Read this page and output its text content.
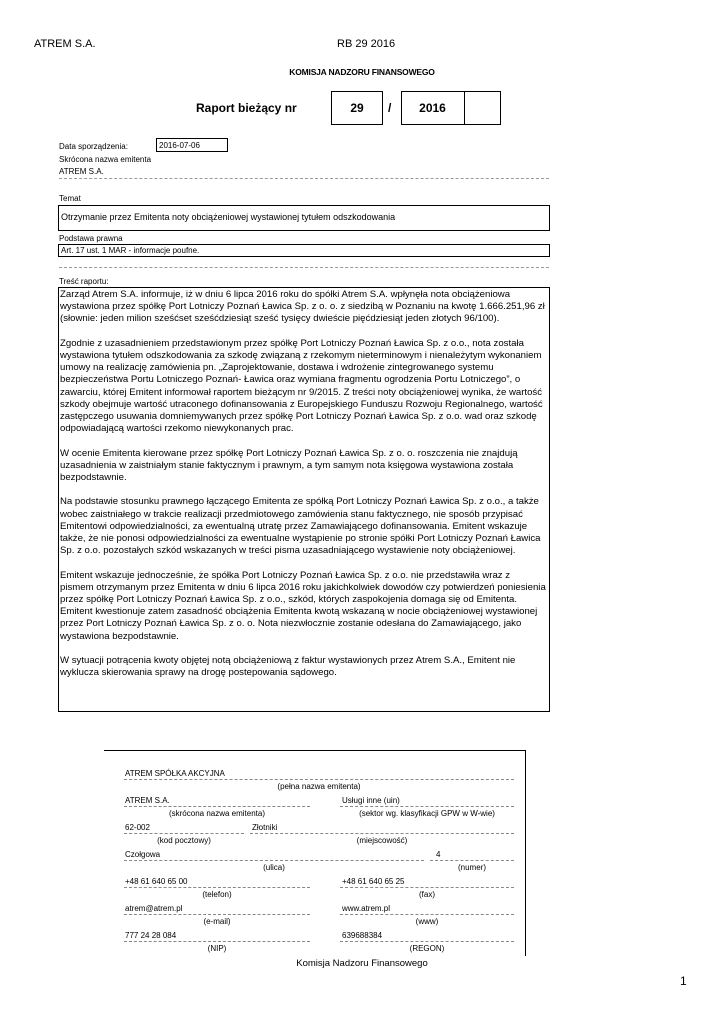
ATREM S.A.	RB 29 2016
KOMISJA NADZORU FINANSOWEGO
Raport bieżący nr	29	/	2016
Data sporządzenia:	2016-07-06
Skrócona nazwa emitenta
ATREM S.A.
Temat
Otrzymanie przez Emitenta noty obciążeniowej wystawionej tytułem odszkodowania
Podstawa prawna
Art. 17 ust. 1 MAR - informacje poufne.
Treść raportu:

Zarząd Atrem S.A. informuje, iż w dniu 6 lipca 2016 roku do spółki Atrem S.A. wpłynęła nota obciążeniowa wystawiona przez spółkę Port Lotniczy Poznań Ławica Sp. z o. o. z siedzibą w Poznaniu na kwotę 1.666.251,96 zł (słownie: jeden milion sześćset sześćdziesiąt sześć tysięcy dwieście pięćdziesiąt jeden złotych 96/100).

Zgodnie z uzasadnieniem przedstawionym przez spółkę Port Lotniczy Poznań Ławica Sp. z o.o., nota została wystawiona tytułem odszkodowania za szkodę związaną z rzekomym nieterminowym i nienależytym wykonaniem umowy na realizację zamówienia pn. „Zaprojektowanie, dostawa i wdrożenie zintegrowanego systemu bezpieczeństwa Portu Lotniczego Poznań- Ławica oraz wymiana fragmentu ogrodzenia Portu Lotniczego”, o zawarciu, której Emitent informował raportem bieżącym nr 9/2015. Z treści noty obciążeniowej wynika, że wartość szkody obejmuje wartość utraconego dofinansowania z Europejskiego Funduszu Rozwoju Regionalnego, wartość zastępczego usuwania domniemywanych przez spółkę Port Lotniczy Poznań Ławica Sp. z o.o. wad oraz szkodę odpowiadającą wartości rzekomo niewykonanych prac.

W ocenie Emitenta kierowane przez spółkę Port Lotniczy Poznań Ławica Sp. z o. o. roszczenia nie znajdują uzasadnienia w zaistniałym stanie faktycznym i prawnym, a tym samym nota księgowa wystawiona została bezpodstawnie.

Na podstawie stosunku prawnego łączącego Emitenta ze spółką Port Lotniczy Poznań Ławica Sp. z o.o., a także wobec zaistniałego w trakcie realizacji przedmiotowego zamówienia stanu faktycznego, nie sposób przypisać Emitentowi odpowiedzialności, za ewentualną utratę przez Zamawiającego dofinansowania. Emitent wskazuje także, że nie ponosi odpowiedzialności za ewentualne wystąpienie po stronie spółki Port Lotniczy Poznań Ławica Sp. z o.o. pozostałych szkód wskazanych w treści pisma uzasadniającego wystawienie noty obciążeniowej.

Emitent wskazuje jednocześnie, że spółka Port Lotniczy Poznań Ławica Sp. z o.o. nie przedstawiła wraz z pismem otrzymanym przez Emitenta w dniu 6 lipca 2016 roku jakichkolwiek dowodów czy potwierdzeń poniesienia przez spółkę Port Lotniczy Poznań Ławica Sp. z o.o., szkód, których zaspokojenia domaga się od Emitenta.
Emitent kwestionuje zatem zasadność obciążenia Emitenta kwotą wskazaną w nocie obciążeniowej wystawionej przez Port Lotniczy Poznań Ławica Sp. z o. o. Nota niezwłocznie zostanie odesłana do Zamawiającego, jako wystawiona bezpodstawnie.

W sytuacji potrącenia kwoty objętej notą obciążeniową z faktur wystawionych przez Atrem S.A., Emitent nie wyklucza skierowania sprawy na drogę postepowania sądowego.

ATREM SPÓŁKA AKCYJNA
(pełna nazwa emitenta)
ATREM S.A.
(skrócona nazwa emitenta)
Usługi inne (uin)
(sektor wg. klasyfikacji GPW w W-wie)
62-002
(kod pocztowy)
Złotniki
(miejscowość)
Czołgowa
(ulica)
4
(numer)
+48 61 640 65 00
(telefon)
+48 61 640 65 25
(fax)
atrem@atrem.pl
(e-mail)
www.atrem.pl
(www)
777 24 28 084
(NIP)
639688384
(REGON)
Komisja Nadzoru Finansowego
1
